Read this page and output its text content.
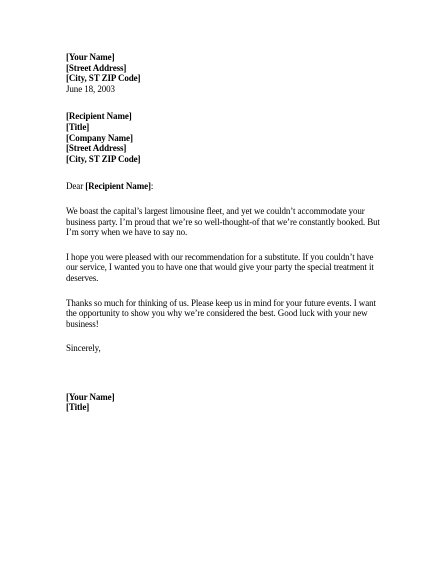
[Your Name]
[Street Address]
[City, ST ZIP Code]
June 18, 2003
[Recipient Name]
[Title]
[Company Name]
[Street Address]
[City, ST ZIP Code]
Dear [Recipient Name]:
We boast the capital’s largest limousine fleet, and yet we couldn’t accommodate your
business party. I’m proud that we’re so well-thought-of that we’re constantly booked. But
I’m sorry when we have to say no.
I hope you were pleased with our recommendation for a substitute. If you couldn’t have
our service, I wanted you to have one that would give your party the special treatment it
deserves.
Thanks so much for thinking of us. Please keep us in mind for your future events. I want
the opportunity to show you why we’re considered the best. Good luck with your new
business!
Sincerely,
[Your Name]
[Title]
